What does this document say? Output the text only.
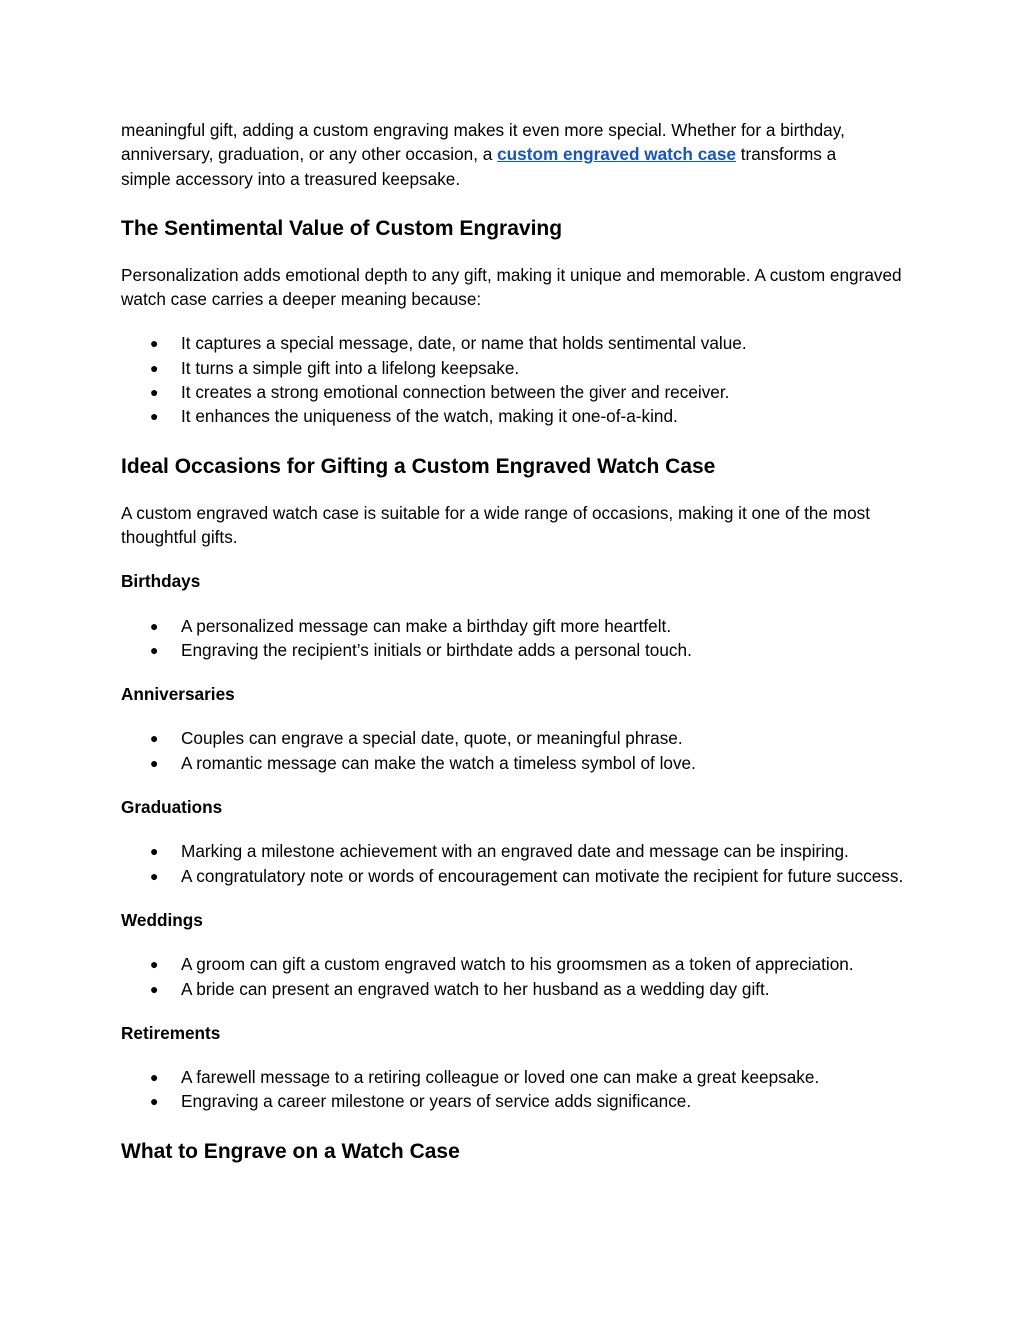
meaningful gift, adding a custom engraving makes it even more special. Whether for a birthday,
anniversary, graduation, or any other occasion, a custom engraved watch case transforms a
simple accessory into a treasured keepsake.

The Sentimental Value of Custom Engraving

Personalization adds emotional depth to any gift, making it unique and memorable. A custom engraved watch case carries a deeper meaning because:

● It captures a special message, date, or name that holds sentimental value.
● It turns a simple gift into a lifelong keepsake.
● It creates a strong emotional connection between the giver and receiver.
● It enhances the uniqueness of the watch, making it one-of-a-kind.
Ideal Occasions for Gifting a Custom Engraved Watch Case

A custom engraved watch case is suitable for a wide range of occasions, making it one of the most thoughtful gifts.

Birthdays
● A personalized message can make a birthday gift more heartfelt.
● Engraving the recipient’s initials or birthdate adds a personal touch.
Anniversaries
● Couples can engrave a special date, quote, or meaningful phrase.
● A romantic message can make the watch a timeless symbol of love.
Graduations
● Marking a milestone achievement with an engraved date and message can be inspiring.
● A congratulatory note or words of encouragement can motivate the recipient for future success.
Weddings
● A groom can gift a custom engraved watch to his groomsmen as a token of appreciation.
● A bride can present an engraved watch to her husband as a wedding day gift.
Retirements
● A farewell message to a retiring colleague or loved one can make a great keepsake.
● Engraving a career milestone or years of service adds significance.
What to Engrave on a Watch Case
